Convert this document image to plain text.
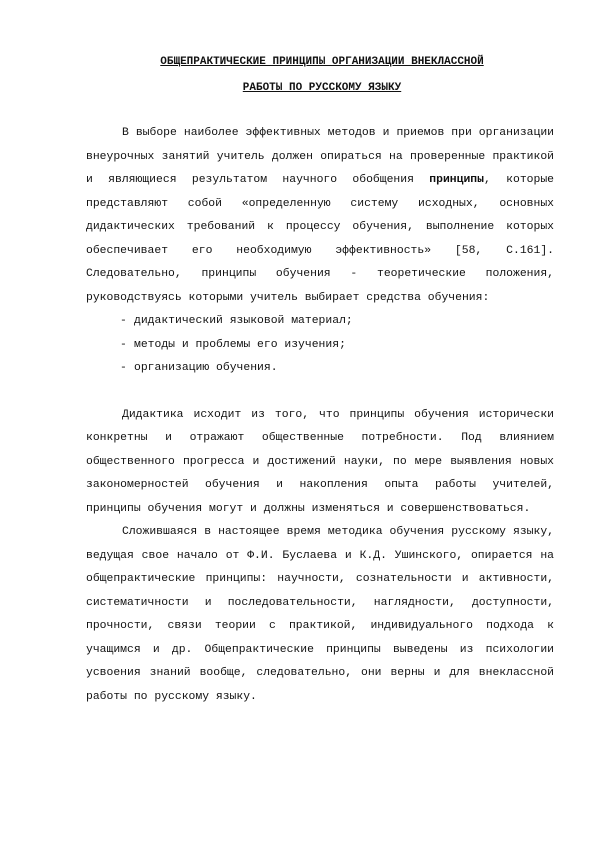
ОБЩЕПРАКТИЧЕСКИЕ ПРИНЦИПЫ ОРГАНИЗАЦИИ ВНЕКЛАССНОЙ
РАБОТЫ ПО РУССКОМУ ЯЗЫКУ

В выборе наиболее эффективных методов и приемов при организации внеурочных занятий учитель должен опираться на проверенные практикой и являющиеся результатом научного обобщения принципы, которые представляют собой «определенную систему исходных, основных дидактических требований к процессу обучения, выполнение которых обеспечивает его необходимую эффективность» [58, С.161]. Следовательно, принципы обучения - теоретические положения, руководствуясь которыми учитель выбирает средства обучения:

- дидактический языковой материал;
- методы и проблемы его изучения;
- организацию обучения.

Дидактика исходит из того, что принципы обучения исторически конкретны и отражают общественные потребности. Под влиянием общественного прогресса и достижений науки, по мере выявления новых закономерностей обучения и накопления опыта работы учителей, принципы обучения могут и должны изменяться и совершенствоваться.

Сложившаяся в настоящее время методика обучения русскому языку, ведущая свое начало от Ф.И. Буслаева и К.Д. Ушинского, опирается на общепрактические принципы: научности, сознательности и активности, систематичности и последовательности, наглядности, доступности, прочности, связи теории с практикой, индивидуального подхода к учащимся и др. Общепрактические принципы выведены из психологии усвоения знаний вообще, следовательно, они верны и для внеклассной работы по русскому языку.
